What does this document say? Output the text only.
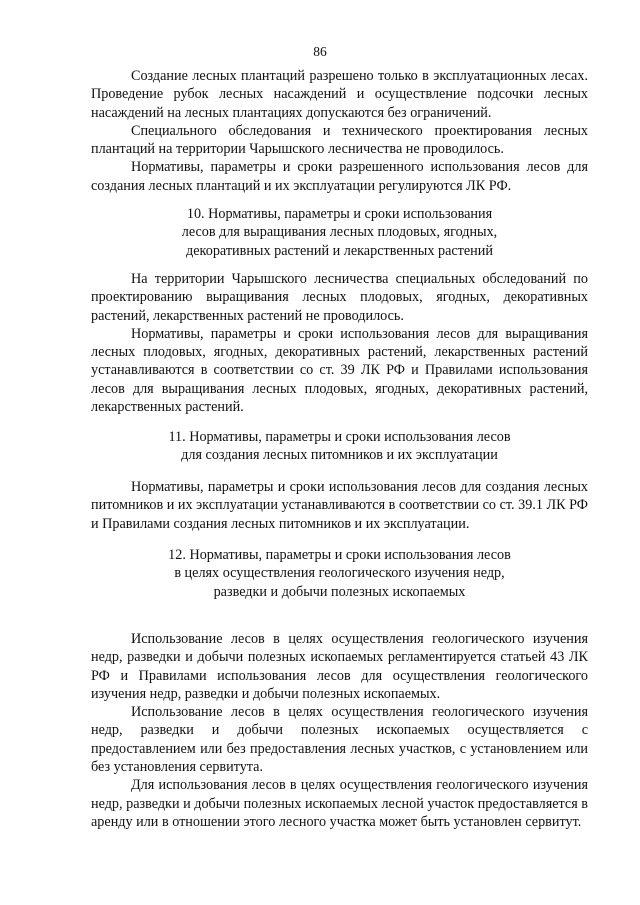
86

Создание лесных плантаций разрешено только в эксплуатационных лесах. Проведение рубок лесных насаждений и осуществление подсочки лесных насаждений на лесных плантациях допускаются без ограничений.

Специального обследования и технического проектирования лесных плантаций на территории Чарышского лесничества не проводилось.

Нормативы, параметры и сроки разрешенного использования лесов для создания лесных плантаций и их эксплуатации регулируются ЛК РФ.

10. Нормативы, параметры и сроки использования
лесов для выращивания лесных плодовых, ягодных,
декоративных растений и лекарственных растений

На территории Чарышского лесничества специальных обследований по проектированию выращивания лесных плодовых, ягодных, декоративных растений, лекарственных растений не проводилось.

Нормативы, параметры и сроки использования лесов для выращивания лесных плодовых, ягодных, декоративных растений, лекарственных растений устанавливаются в соответствии со ст. 39 ЛК РФ и Правилами использования лесов для выращивания лесных плодовых, ягодных, декоративных растений, лекарственных растений.

11. Нормативы, параметры и сроки использования лесов
для создания лесных питомников и их эксплуатации

Нормативы, параметры и сроки использования лесов для создания лесных питомников и их эксплуатации устанавливаются в соответствии со ст. 39.1 ЛК РФ и Правилами создания лесных питомников и их эксплуатации.

12. Нормативы, параметры и сроки использования лесов
в целях осуществления геологического изучения недр,
разведки и добычи полезных ископаемых

Использование лесов в целях осуществления геологического изучения недр, разведки и добычи полезных ископаемых регламентируется статьей 43 ЛК РФ и Правилами использования лесов для осуществления геологического изучения недр, разведки и добычи полезных ископаемых.

Использование лесов в целях осуществления геологического изучения недр, разведки и добычи полезных ископаемых осуществляется с предоставлением или без предоставления лесных участков, с установлением или без установления сервитута.

Для использования лесов в целях осуществления геологического изучения недр, разведки и добычи полезных ископаемых лесной участок предоставляется в аренду или в отношении этого лесного участка может быть установлен сервитут.
